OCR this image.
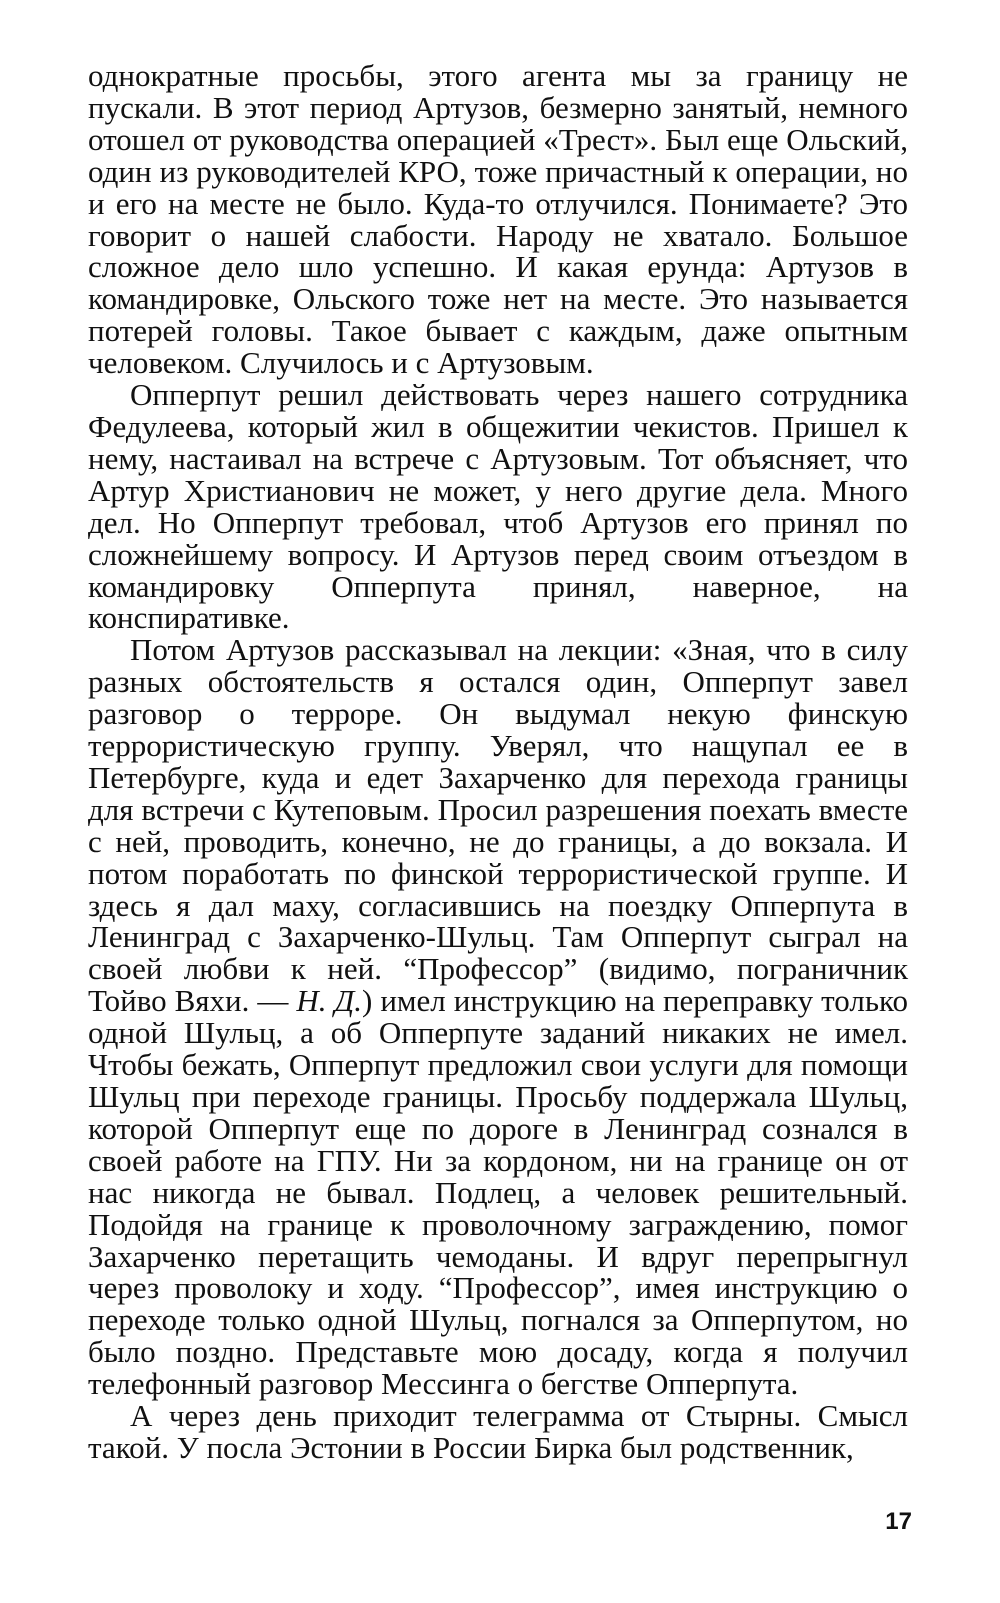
однократные просьбы, этого агента мы за границу не пускали. В этот период Артузов, безмерно занятый, немного отошел от руководства операцией «Трест». Был еще Ольский, один из руководителей КРО, тоже причастный к операции, но и его на месте не было. Куда-то отлучился. Понимаете? Это говорит о нашей слабости. Народу не хватало. Большое сложное дело шло успешно. И какая ерунда: Артузов в командировке, Ольского тоже нет на месте. Это называется потерей головы. Такое бывает с каждым, даже опытным человеком. Случилось и с Артузовым.

Опперпут решил действовать через нашего сотрудника Федулеева, который жил в общежитии чекистов. Пришел к нему, настаивал на встрече с Артузовым. Тот объясняет, что Артур Христианович не может, у него другие дела. Много дел. Но Опперпут требовал, чтоб Артузов его принял по сложнейшему вопросу. И Артузов перед своим отъездом в командировку Опперпута принял, наверное, на конспиративке.

Потом Артузов рассказывал на лекции: «Зная, что в силу разных обстоятельств я остался один, Опперпут завел разговор о терроре. Он выдумал некую финскую террористическую группу. Уверял, что нащупал ее в Петербурге, куда и едет Захарченко для перехода границы для встречи с Кутеповым. Просил разрешения поехать вместе с ней, проводить, конечно, не до границы, а до вокзала. И потом поработать по финской террористической группе. И здесь я дал маху, согласившись на поездку Опперпута в Ленинград с Захарченко-Шульц. Там Опперпут сыграл на своей любви к ней. “Профессор” (видимо, пограничник Тойво Вяхи. — Н. Д.) имел инструкцию на переправку только одной Шульц, а об Опперпуте заданий никаких не имел. Чтобы бежать, Опперпут предложил свои услуги для помощи Шульц при переходе границы. Просьбу поддержала Шульц, которой Опперпут еще по дороге в Ленинград сознался в своей работе на ГПУ. Ни за кордоном, ни на границе он от нас никогда не бывал. Подлец, а человек решительный. Подойдя на границе к проволочному заграждению, помог Захарченко перетащить чемоданы. И вдруг перепрыгнул через проволоку и ходу. “Профессор”, имея инструкцию о переходе только одной Шульц, погнался за Опперпутом, но было поздно. Представьте мою досаду, когда я получил телефонный разговор Мессинга о бегстве Опперпута.

А через день приходит телеграмма от Стырны. Смысл такой. У посла Эстонии в России Бирка был родственник,

17
